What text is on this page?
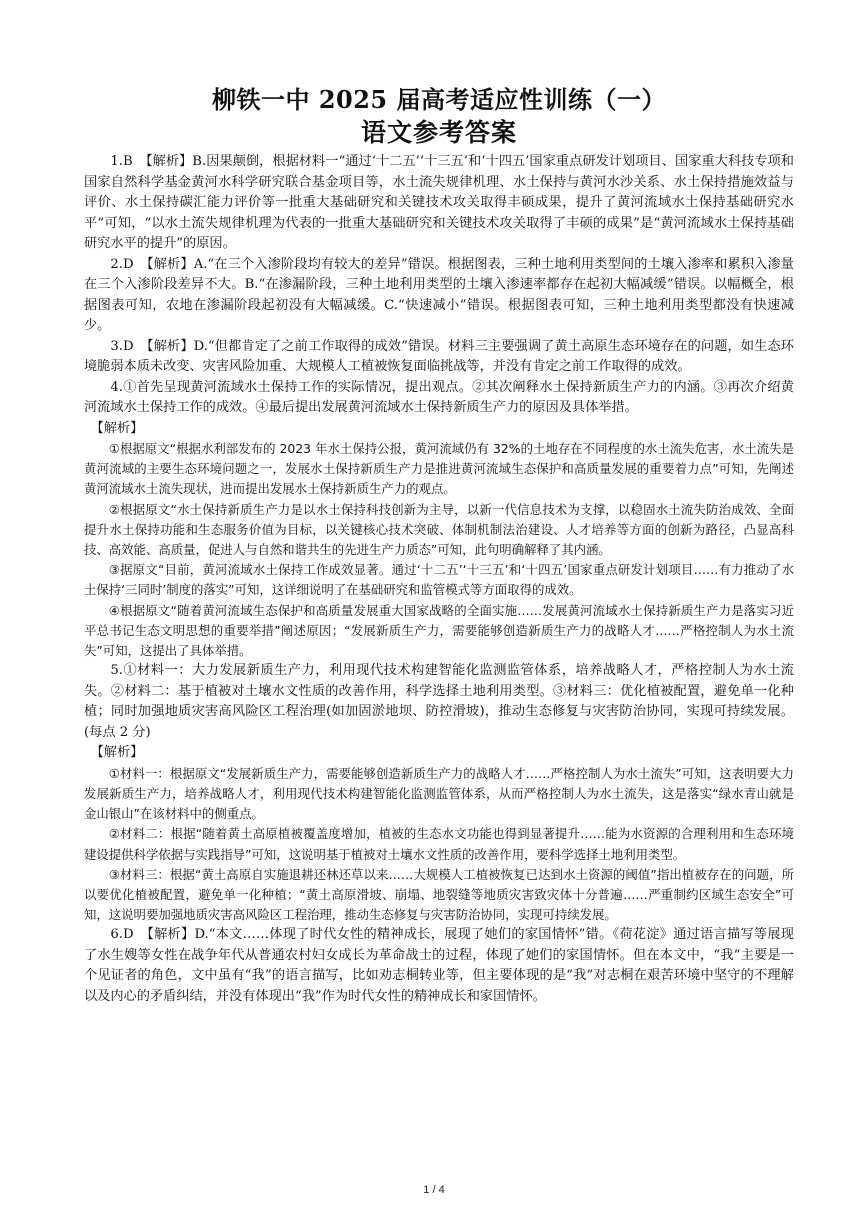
柳铁一中 2025 届高考适应性训练（一）
语文参考答案

1.B　【解析】B.因果颠倒，根据材料一“通过‘十二五’‘十三五’和‘十四五’国家重点研发计划项目、国家重大科技专项和国家自然科学基金黄河水科学研究联合基金项目等，水土流失规律机理、水土保持与黄河水沙关系、水土保持措施效益与评价、水土保持碳汇能力评价等一批重大基础研究和关键技术攻关取得丰硕成果，提升了黄河流域水土保持基础研究水平”可知，“以水土流失规律机理为代表的一批重大基础研究和关键技术攻关取得了丰硕的成果”是“黄河流域水土保持基础研究水平的提升”的原因。

2.D　【解析】A.“在三个入渗阶段均有较大的差异”错误。根据图表，三种土地利用类型间的土壤入渗率和累积入渗量在三个入渗阶段差异不大。B.“在渗漏阶段，三种土地利用类型的土壤入渗速率都存在起初大幅减缓”错误。以幅概全，根据图表可知，农地在渗漏阶段起初没有大幅减缓。C.“快速减小”错误。根据图表可知，三种土地利用类型都没有快速减少。

3.D　【解析】D.“但都肯定了之前工作取得的成效”错误。材料三主要强调了黄土高原生态环境存在的问题，如生态环境脆弱本质未改变、灾害风险加重、大规模人工植被恢复面临挑战等，并没有肯定之前工作取得的成效。

4.①首先呈现黄河流域水土保持工作的实际情况，提出观点。②其次阐释水土保持新质生产力的内涵。③再次介绍黄河流域水土保持工作的成效。④最后提出发展黄河流域水土保持新质生产力的原因及具体举措。

【解析】

①根据原文“根据水利部发布的 2023 年水土保持公报，黄河流域仍有 32%的土地存在不同程度的水土流失危害，水土流失是黄河流域的主要生态环境问题之一，发展水土保持新质生产力是推进黄河流域生态保护和高质量发展的重要着力点”可知，先阐述黄河流域水土流失现状，进而提出发展水土保持新质生产力的观点。

②根据原文“水土保持新质生产力是以水土保持科技创新为主导，以新一代信息技术为支撑，以稳固水土流失防治成效、全面提升水土保持功能和生态服务价值为目标，以关键核心技术突破、体制机制法治建设、人才培养等方面的创新为路径，凸显高科技、高效能、高质量，促进人与自然和谐共生的先进生产力质态”可知，此句明确解释了其内涵。

③据原文“目前，黄河流域水土保持工作成效显著。通过‘十二五’‘十三五’和‘十四五’国家重点研发计划项目……有力推动了水土保持‘三同时’制度的落实”可知，这详细说明了在基础研究和监管模式等方面取得的成效。

④根据原文“随着黄河流域生态保护和高质量发展重大国家战略的全面实施……发展黄河流域水土保持新质生产力是落实习近平总书记生态文明思想的重要举措”阐述原因；“发展新质生产力，需要能够创造新质生产力的战略人才……严格控制人为水土流失”可知，这提出了具体举措。

5.①材料一：大力发展新质生产力，利用现代技术构建智能化监测监管体系，培养战略人才，严格控制人为水土流失。②材料二：基于植被对土壤水文性质的改善作用，科学选择土地利用类型。③材料三：优化植被配置，避免单一化种植；同时加强地质灾害高风险区工程治理(如加固淤地坝、防控滑坡)，推动生态修复与灾害防治协同，实现可持续发展。(每点 2 分)

【解析】

①材料一：根据原文“发展新质生产力，需要能够创造新质生产力的战略人才……严格控制人为水土流失”可知，这表明要大力发展新质生产力，培养战略人才，利用现代技术构建智能化监测监管体系，从而严格控制人为水土流失，这是落实“绿水青山就是金山银山”在该材料中的侧重点。

②材料二：根据“随着黄土高原植被覆盖度增加，植被的生态水文功能也得到显著提升……能为水资源的合理利用和生态环境建设提供科学依据与实践指导”可知，这说明基于植被对土壤水文性质的改善作用，要科学选择土地利用类型。

③材料三：根据“黄土高原自实施退耕还林还草以来……大规模人工植被恢复已达到水土资源的阈值”指出植被存在的问题，所以要优化植被配置，避免单一化种植；“黄土高原滑坡、崩塌、地裂缝等地质灾害致灾体十分普遍……严重制约区域生态安全”可知，这说明要加强地质灾害高风险区工程治理，推动生态修复与灾害防治协同，实现可持续发展。

6.D　【解析】D.“本文……体现了时代女性的精神成长，展现了她们的家国情怀”错。《荷花淀》通过语言描写等展现了水生嫂等女性在战争年代从普通农村妇女成长为革命战士的过程，体现了她们的家国情怀。但在本文中，“我”主要是一个见证者的角色，文中虽有“我”的语言描写，比如劝志桐转业等，但主要体现的是“我”对志桐在艰苦环境中坚守的不理解以及内心的矛盾纠结，并没有体现出“我”作为时代女性的精神成长和家国情怀。

1 / 4
